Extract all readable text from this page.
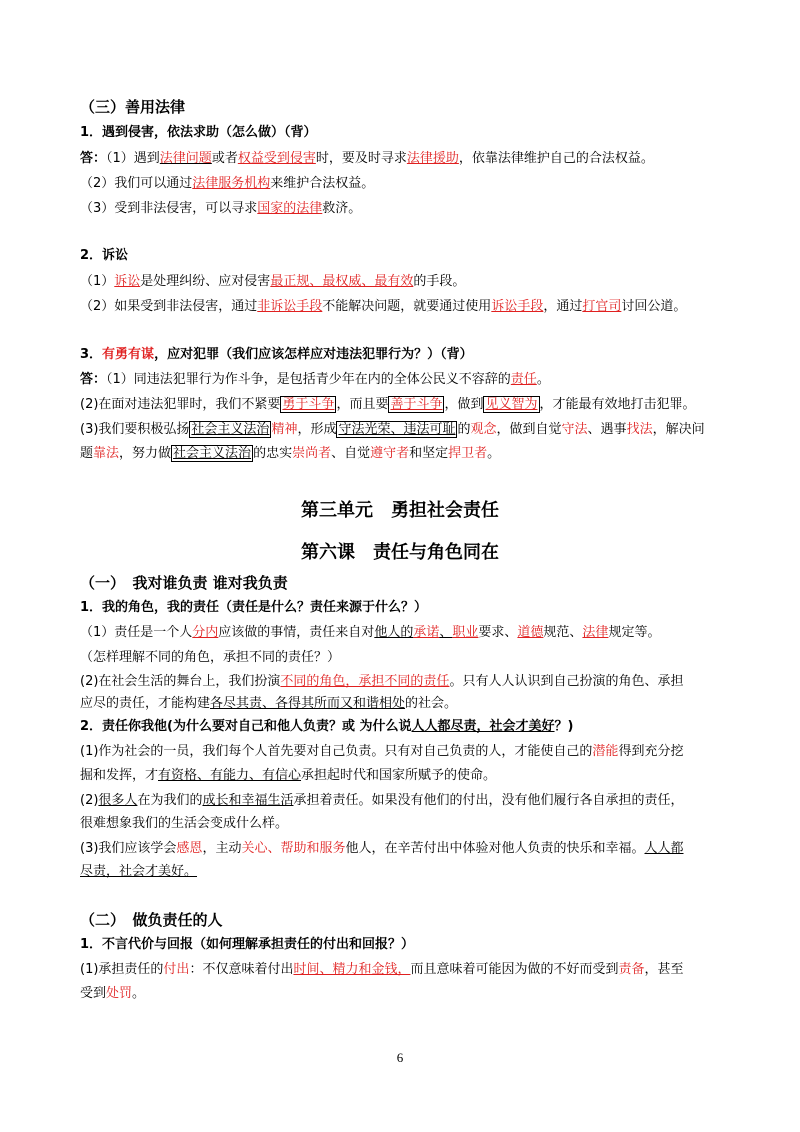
（三）善用法律
1．遇到侵害，依法求助（怎么做）（背）
答：（1）遇到法律问题或者权益受到侵害时，要及时寻求法律援助，依靠法律维护自己的合法权益。
（2）我们可以通过法律服务机构来维护合法权益。
（3）受到非法侵害，可以寻求国家的法律救济。
2．诉讼
（1）诉讼是处理纠纷、应对侵害最正规、最权威、最有效的手段。
（2）如果受到非法侵害，通过非诉讼手段不能解决问题，就要通过使用诉讼手段，通过打官司讨回公道。
3．有勇有谋，应对犯罪（我们应该怎样应对违法犯罪行为？）（背）
答：（1）同违法犯罪行为作斗争，是包括青少年在内的全体公民义不容辞的责任。
(2)在面对违法犯罪时，我们不紧要 勇于斗争 ，而且要 善于斗争 ，做到 见义智为 ，才能最有效地打击犯罪。
(3)我们要积极弘扬 社会主义法治 精神，形成 守法光荣、违法可耻 的观念，做到自觉守法、遇事找法，解决问
题靠法，努力做 社会主义法治 的忠实崇尚者、自觉遵守者和坚定捍卫者。
第三单元　勇担社会责任
第六课　责任与角色同在
（一）　我对谁负责 谁对我负责
1．我的角色，我的责任（责任是什么？责任来源于什么？）
（1）责任是一个人分内应该做的事情，责任来自对他人的承诺、职业要求、道德规范、法律规定等。
（怎样理解不同的角色，承担不同的责任？）
(2)在社会生活的舞台上，我们扮演不同的角色，承担不同的责任。只有人人认识到自己扮演的角色、承担
应尽的责任，才能构建各尽其责、各得其所而又和谐相处的社会。
2．责任你我他(为什么要对自己和他人负责？或 为什么说人人都尽责，社会才美好？)
(1)作为社会的一员，我们每个人首先要对自己负责。只有对自己负责的人，才能使自己的潜能得到充分挖
掘和发挥，才有资格、有能力、有信心承担起时代和国家所赋予的使命。
(2)很多人在为我们的成长和幸福生活承担着责任。如果没有他们的付出，没有他们履行各自承担的责任，
很难想象我们的生活会变成什么样。
(3)我们应该学会感恩，主动关心、帮助和服务他人，在辛苦付出中体验对他人负责的快乐和幸福。人人都
尽责，社会才美好。
（二）　做负责任的人
1．不言代价与回报（如何理解承担责任的付出和回报？）
(1)承担责任的付出：不仅意味着付出时间、精力和金钱，而且意味着可能因为做的不好而受到责备，甚至
受到处罚。
6
